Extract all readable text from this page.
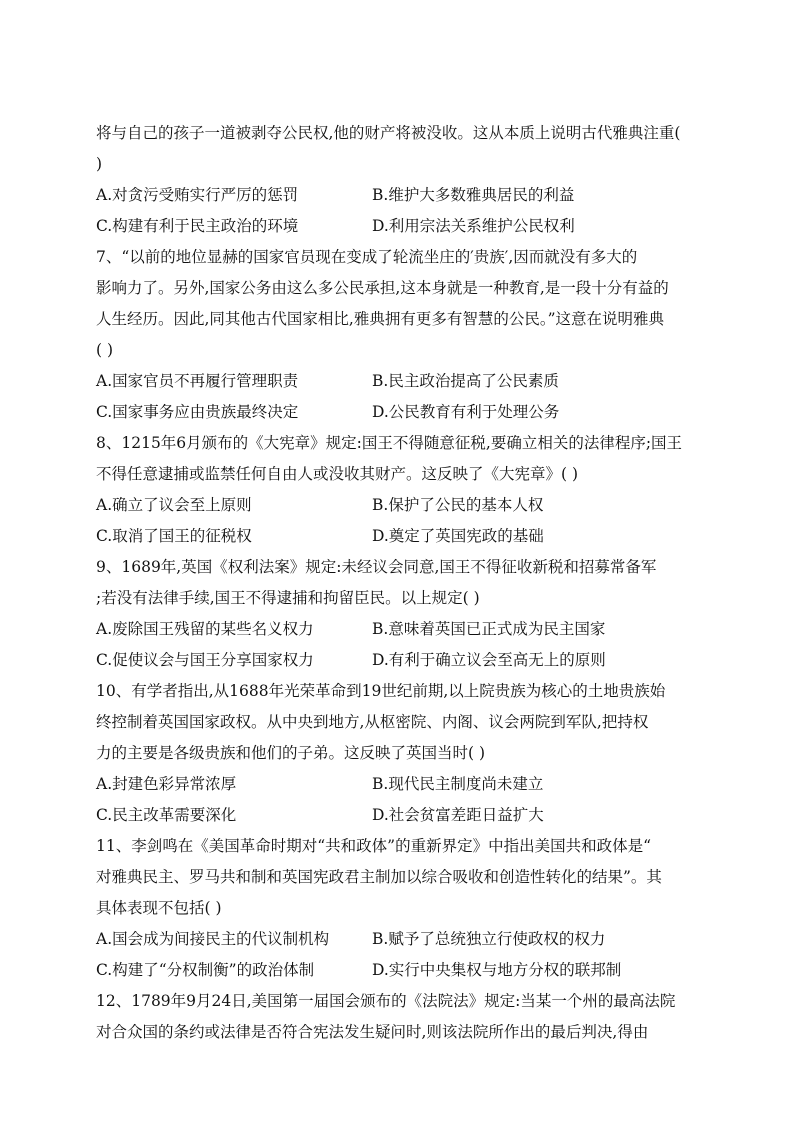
将与自己的孩子一道被剥夺公民权,他的财产将被没收。这从本质上说明古代雅典注重(
)
A.对贪污受贿实行严厉的惩罚	B.维护大多数雅典居民的利益
C.构建有利于民主政治的环境	D.利用宗法关系维护公民权利
7、“以前的地位显赫的国家官员现在变成了轮流坐庄的′贵族′,因而就没有多大的
影响力了。另外,国家公务由这么多公民承担,这本身就是一种教育,是一段十分有益的
人生经历。因此,同其他古代国家相比,雅典拥有更多有智慧的公民。”这意在说明雅典
( )
A.国家官员不再履行管理职责	B.民主政治提高了公民素质
C.国家事务应由贵族最终决定	D.公民教育有利于处理公务
8、1215年6月颁布的《大宪章》规定:国王不得随意征税,要确立相关的法律程序;国王
不得任意逮捕或监禁任何自由人或没收其财产。这反映了《大宪章》( )
A.确立了议会至上原则	B.保护了公民的基本人权
C.取消了国王的征税权	D.奠定了英国宪政的基础
9、1689年,英国《权利法案》规定:未经议会同意,国王不得征收新税和招募常备军
;若没有法律手续,国王不得逮捕和拘留臣民。以上规定( )
A.废除国王残留的某些名义权力	B.意味着英国已正式成为民主国家
C.促使议会与国王分享国家权力	D.有利于确立议会至高无上的原则
10、有学者指出,从1688年光荣革命到19世纪前期,以上院贵族为核心的土地贵族始
终控制着英国国家政权。从中央到地方,从枢密院、内阁、议会两院到军队,把持权
力的主要是各级贵族和他们的子弟。这反映了英国当时( )
A.封建色彩异常浓厚	B.现代民主制度尚未建立
C.民主改革需要深化	D.社会贫富差距日益扩大
11、李剑鸣在《美国革命时期对“共和政体”的重新界定》中指出美国共和政体是“
对雅典民主、罗马共和制和英国宪政君主制加以综合吸收和创造性转化的结果”。其
具体表现不包括( )
A.国会成为间接民主的代议制机构	B.赋予了总统独立行使政权的权力
C.构建了“分权制衡”的政治体制	D.实行中央集权与地方分权的联邦制
12、1789年9月24日,美国第一届国会颁布的《法院法》规定:当某一个州的最高法院
对合众国的条约或法律是否符合宪法发生疑问时,则该法院所作出的最后判决,得由
